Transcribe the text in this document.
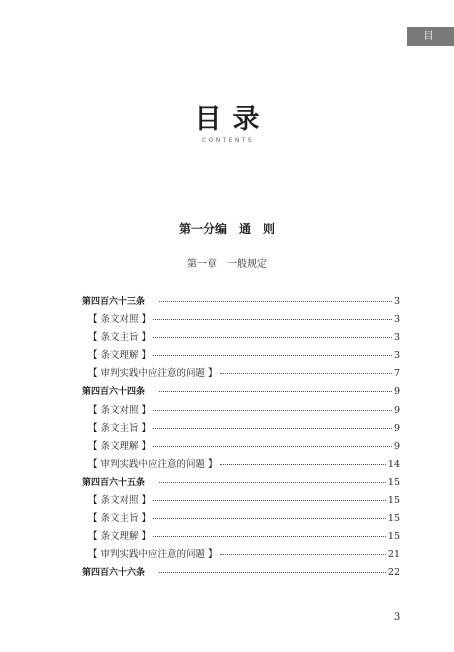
目 录
目录
CONTENTS
第一分编　通　则
第一章　一般规定
第四百六十三条	3
【 条文对照 】	3
【 条文主旨 】	3
【 条文理解 】	3
【 审判实践中应注意的问题 】	7
第四百六十四条	9
【 条文对照 】	9
【 条文主旨 】	9
【 条文理解 】	9
【 审判实践中应注意的问题 】	14
第四百六十五条	15
【 条文对照 】	15
【 条文主旨 】	15
【 条文理解 】	15
【 审判实践中应注意的问题 】	21
第四百六十六条	22
3
